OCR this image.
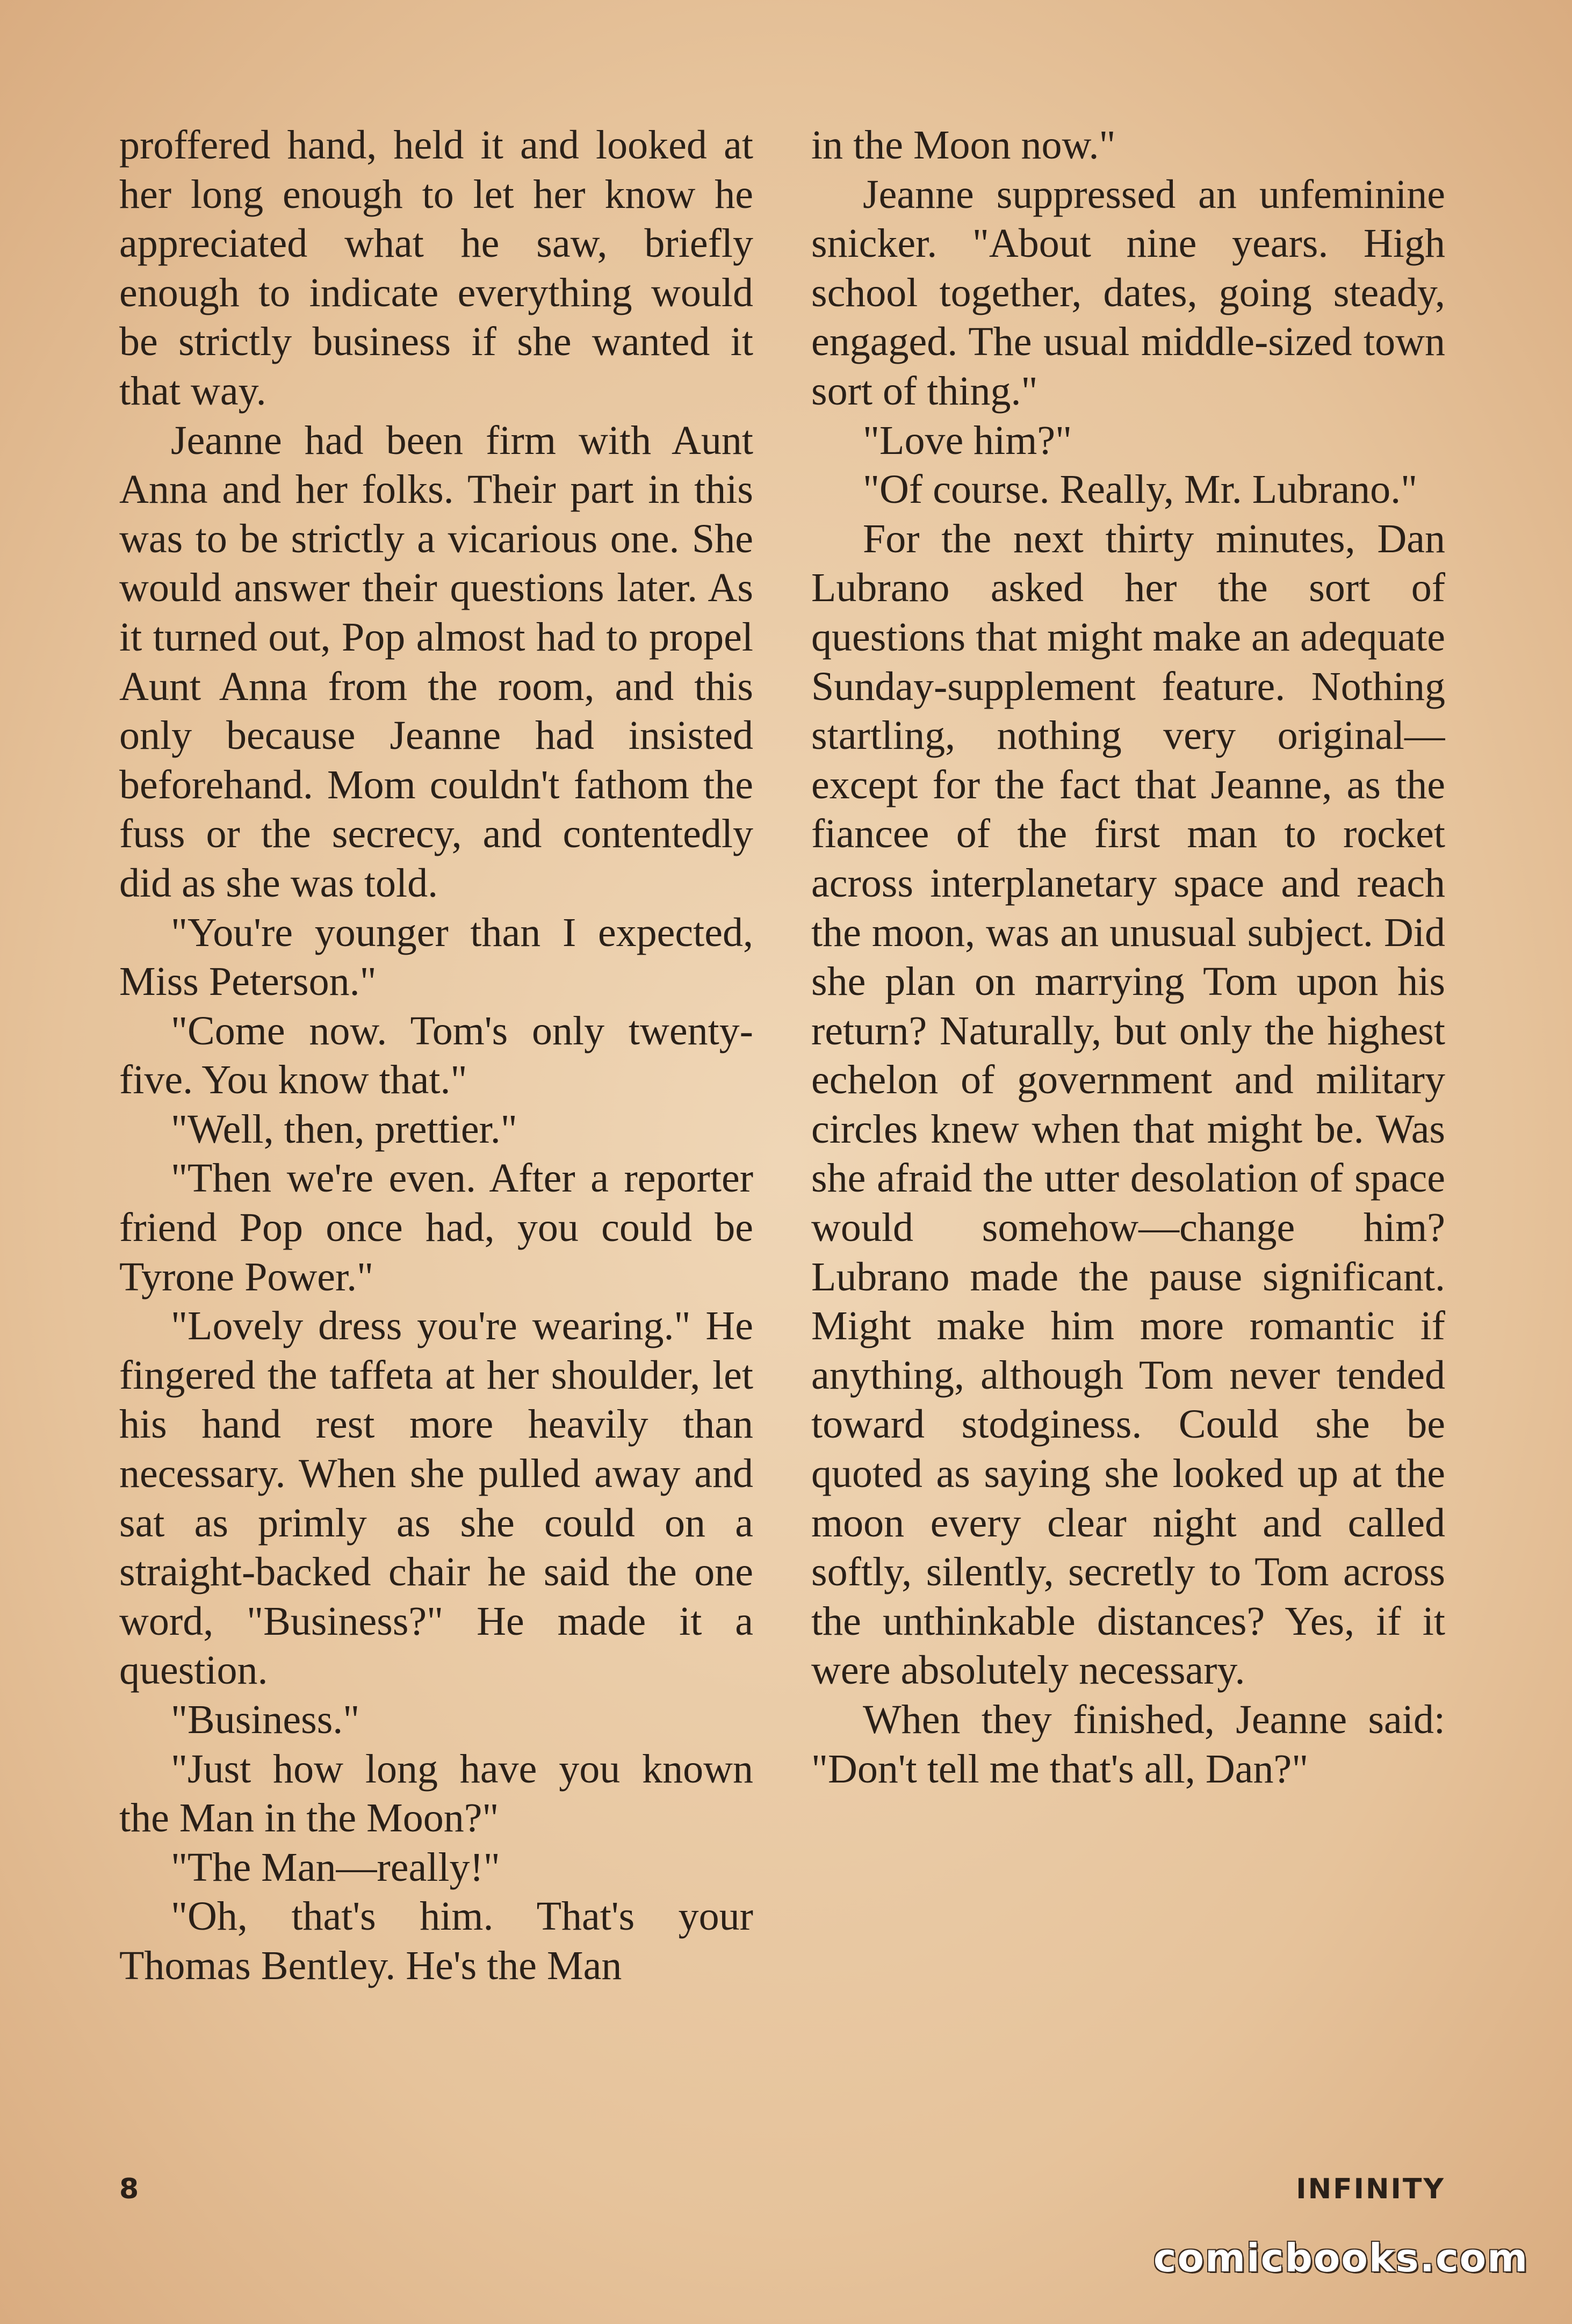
proffered hand, held it and looked at her long enough to let her know he appreciated what he saw, briefly enough to indicate everything would be strictly business if she wanted it that way.

Jeanne had been firm with Aunt Anna and her folks. Their part in this was to be strictly a vicarious one. She would answer their questions later. As it turned out, Pop almost had to propel Aunt Anna from the room, and this only because Jeanne had insisted beforehand. Mom couldn't fathom the fuss or the secrecy, and contentedly did as she was told.

"You're younger than I expected, Miss Peterson."

"Come now. Tom's only twenty-five. You know that."

"Well, then, prettier."

"Then we're even. After a reporter friend Pop once had, you could be Tyrone Power."

"Lovely dress you're wearing." He fingered the taffeta at her shoulder, let his hand rest more heavily than necessary. When she pulled away and sat as primly as she could on a straight-backed chair he said the one word, "Business?" He made it a question.

"Business."

"Just how long have you known the Man in the Moon?"

"The Man—really!"

"Oh, that's him. That's your Thomas Bentley. He's the Man

in the Moon now."

Jeanne suppressed an unfeminine snicker. "About nine years. High school together, dates, going steady, engaged. The usual middle-sized town sort of thing."

"Love him?"

"Of course. Really, Mr. Lubrano."

For the next thirty minutes, Dan Lubrano asked her the sort of questions that might make an adequate Sunday-supplement feature. Nothing startling, nothing very original—except for the fact that Jeanne, as the fiancee of the first man to rocket across interplanetary space and reach the moon, was an unusual subject. Did she plan on marrying Tom upon his return? Naturally, but only the highest echelon of government and military circles knew when that might be. Was she afraid the utter desolation of space would somehow—change him? Lubrano made the pause significant. Might make him more romantic if anything, although Tom never tended toward stodginess. Could she be quoted as saying she looked up at the moon every clear night and called softly, silently, secretly to Tom across the unthinkable distances? Yes, if it were absolutely necessary.

When they finished, Jeanne said: "Don't tell me that's all, Dan?"

8	INFINITY
comicbooks.com
